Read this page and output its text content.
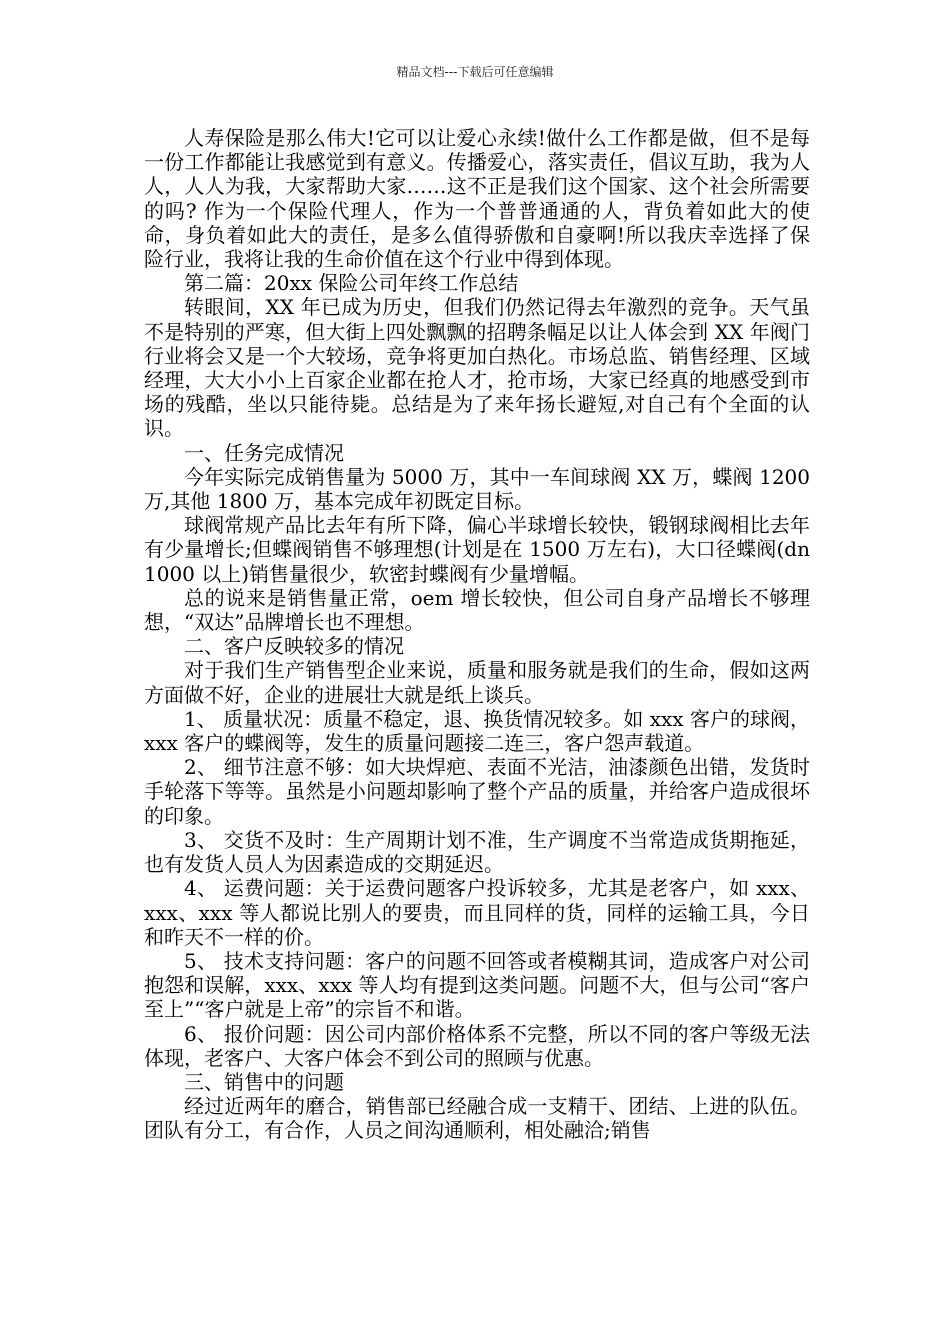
精品文档---下载后可任意编辑

人寿保险是那么伟大!它可以让爱心永续!做什么工作都是做，但不是每一份工作都能让我感觉到有意义。传播爱心，落实责任，倡议互助，我为人人，人人为我，大家帮助大家……这不正是我们这个国家、这个社会所需要的吗? 作为一个保险代理人，作为一个普普通通的人，背负着如此大的使命，身负着如此大的责任，是多么值得骄傲和自豪啊!所以我庆幸选择了保险行业，我将让我的生命价值在这个行业中得到体现。

第二篇：20xx 保险公司年终工作总结

转眼间，XX 年已成为历史，但我们仍然记得去年激烈的竞争。天气虽不是特别的严寒，但大街上四处飘飘的招聘条幅足以让人体会到 XX 年阀门行业将会又是一个大较场，竞争将更加白热化。市场总监、销售经理、区域经理，大大小小上百家企业都在抢人才，抢市场，大家已经真的地感受到市场的残酷，坐以只能待毙。总结是为了来年扬长避短,对自己有个全面的认识。

一、任务完成情况

今年实际完成销售量为 5000 万，其中一车间球阀 XX 万，蝶阀 1200 万,其他 1800 万，基本完成年初既定目标。

球阀常规产品比去年有所下降，偏心半球增长较快，锻钢球阀相比去年有少量增长;但蝶阀销售不够理想(计划是在 1500 万左右)，大口径蝶阀(dn1000 以上)销售量很少，软密封蝶阀有少量增幅。

总的说来是销售量正常，oem 增长较快，但公司自身产品增长不够理想，“双达”品牌增长也不理想。

二、客户反映较多的情况

对于我们生产销售型企业来说，质量和服务就是我们的生命，假如这两方面做不好，企业的进展壮大就是纸上谈兵。

1、 质量状况：质量不稳定，退、换货情况较多。如 xxx 客户的球阀，xxx 客户的蝶阀等，发生的质量问题接二连三，客户怨声载道。

2、 细节注意不够：如大块焊疤、表面不光洁，油漆颜色出错，发货时手轮落下等等。虽然是小问题却影响了整个产品的质量，并给客户造成很坏的印象。

3、 交货不及时：生产周期计划不准，生产调度不当常造成货期拖延，也有发货人员人为因素造成的交期延迟。

4、 运费问题：关于运费问题客户投诉较多，尤其是老客户，如 xxx、xxx、xxx 等人都说比别人的要贵，而且同样的货，同样的运输工具，今日和昨天不一样的价。

5、 技术支持问题：客户的问题不回答或者模糊其词，造成客户对公司抱怨和误解，xxx、xxx 等人均有提到这类问题。问题不大，但与公司“客户至上”“客户就是上帝”的宗旨不和谐。

6、 报价问题：因公司内部价格体系不完整，所以不同的客户等级无法体现，老客户、大客户体会不到公司的照顾与优惠。

三、销售中的问题

经过近两年的磨合，销售部已经融合成一支精干、团结、上进的队伍。团队有分工，有合作，人员之间沟通顺利，相处融洽;销售
